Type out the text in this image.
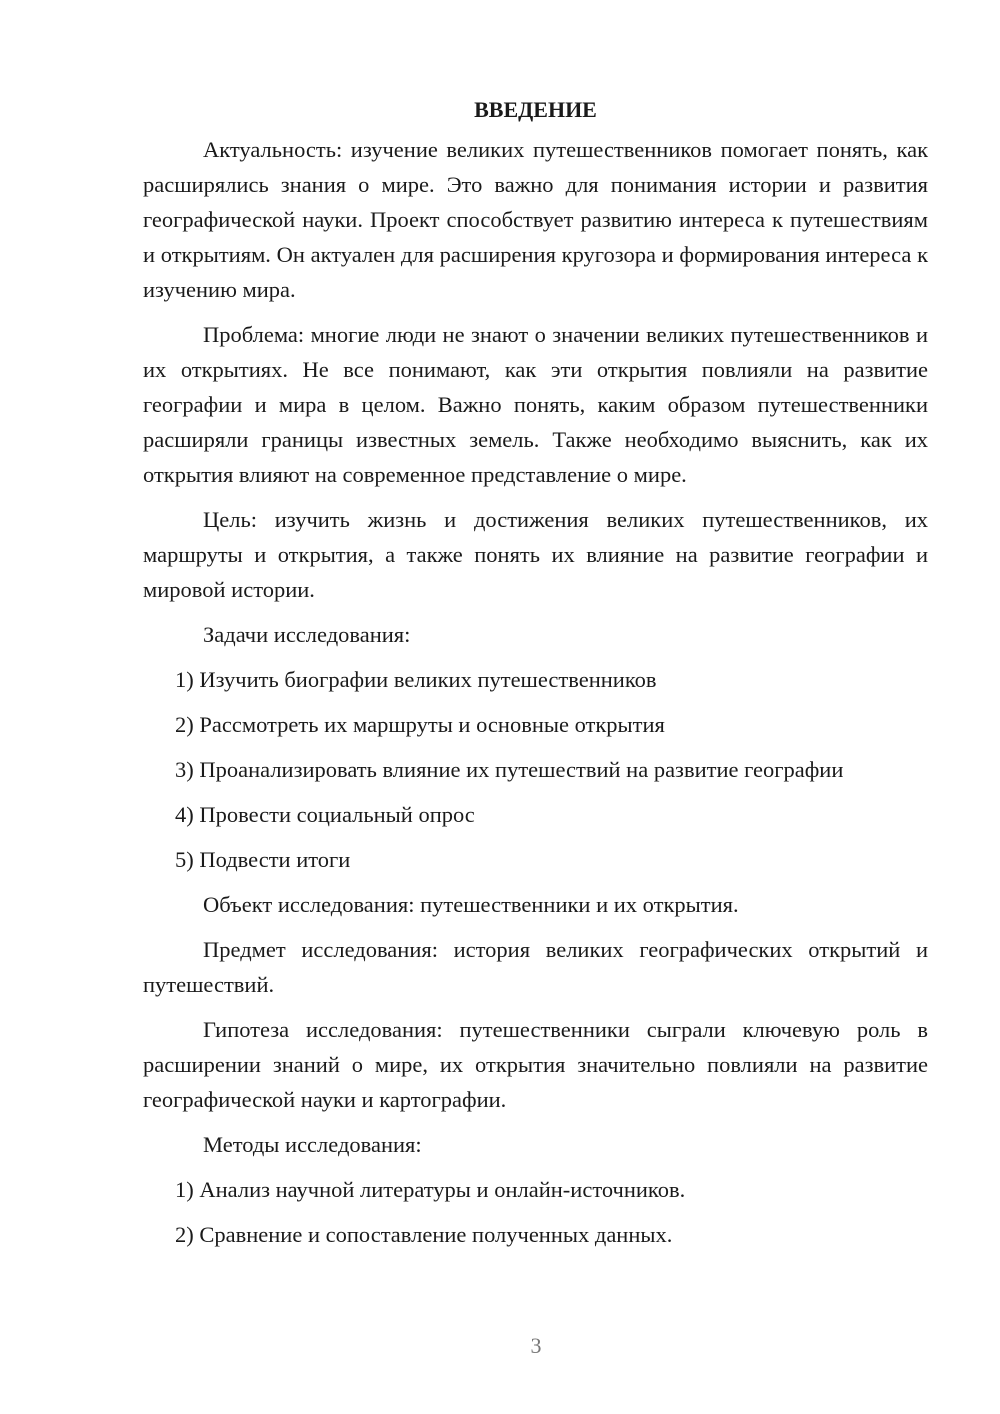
ВВЕДЕНИЕ

Актуальность: изучение великих путешественников помогает понять, как расширялись знания о мире. Это важно для понимания истории и развития географической науки. Проект способствует развитию интереса к путешествиям и открытиям. Он актуален для расширения кругозора и формирования интереса к изучению мира.

Проблема: многие люди не знают о значении великих путешественников и их открытиях. Не все понимают, как эти открытия повлияли на развитие географии и мира в целом. Важно понять, каким образом путешественники расширяли границы известных земель. Также необходимо выяснить, как их открытия влияют на современное представление о мире.

Цель: изучить жизнь и достижения великих путешественников, их маршруты и открытия, а также понять их влияние на развитие географии и мировой истории.

Задачи исследования:

1) Изучить биографии великих путешественников
2) Рассмотреть их маршруты и основные открытия
3) Проанализировать влияние их путешествий на развитие географии
4) Провести социальный опрос
5) Подвести итоги

Объект исследования: путешественники и их открытия.

Предмет исследования: история великих географических открытий и путешествий.

Гипотеза исследования: путешественники сыграли ключевую роль в расширении знаний о мире, их открытия значительно повлияли на развитие географической науки и картографии.

Методы исследования:

1) Анализ научной литературы и онлайн-источников.
2) Сравнение и сопоставление полученных данных.
3
